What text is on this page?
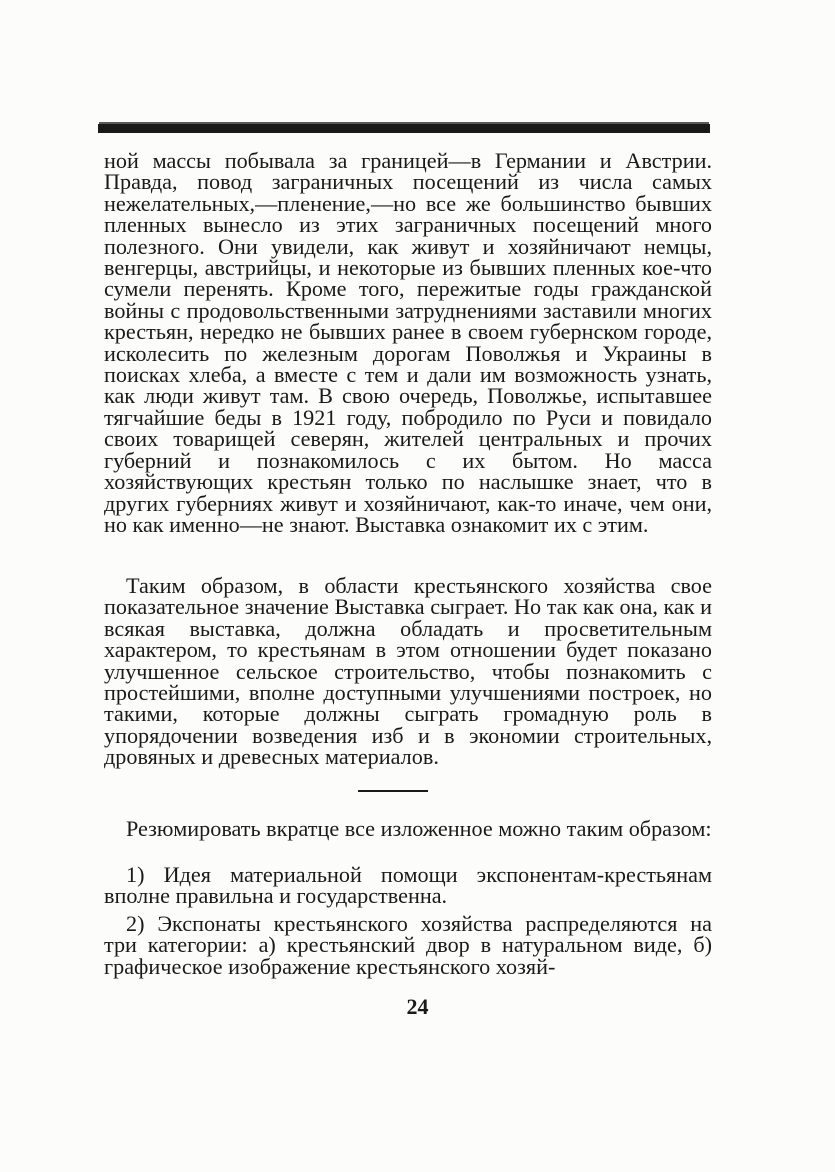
ной массы побывала за границей—в Германии и Австрии. Правда, повод заграничных посещений из числа самых нежелательных,—пленение,—но все же большинство бывших пленных вынесло из этих заграничных посещений много полезного. Они увидели, как живут и хозяйничают немцы, венгерцы, австрийцы, и некоторые из бывших пленных кое-что сумели перенять. Кроме того, пережитые годы гражданской войны с продовольственными затруднениями заставили многих крестьян, нередко не бывших ранее в своем губернском городе, исколесить по железным дорогам Поволжья и Украины в поисках хлеба, а вместе с тем и дали им возможность узнать, как люди живут там. В свою очередь, Поволжье, испытавшее тягчайшие беды в 1921 году, побродило по Руси и повидало своих товарищей северян, жителей центральных и прочих губерний и познакомилось с их бытом. Но масса хозяйствующих крестьян только по наслышке знает, что в других губерниях живут и хозяйничают, как-то иначе, чем они, но как именно—не знают. Выставка ознакомит их с этим.

Таким образом, в области крестьянского хозяйства свое показательное значение Выставка сыграет. Но так как она, как и всякая выставка, должна обладать и просветительным характером, то крестьянам в этом отношении будет показано улучшенное сельское строительство, чтобы познакомить с простейшими, вполне доступными улучшениями построек, но такими, которые должны сыграть громадную роль в упорядочении возведения изб и в экономии строительных, дровяных и древесных материалов.

Резюмировать вкратце все изложенное можно таким образом:

1) Идея материальной помощи экспонентам-крестьянам вполне правильна и государственна.

2) Экспонаты крестьянского хозяйства распределяются на три категории: а) крестьянский двор в натуральном виде, б) графическое изображение крестьянского хозяй-

24
